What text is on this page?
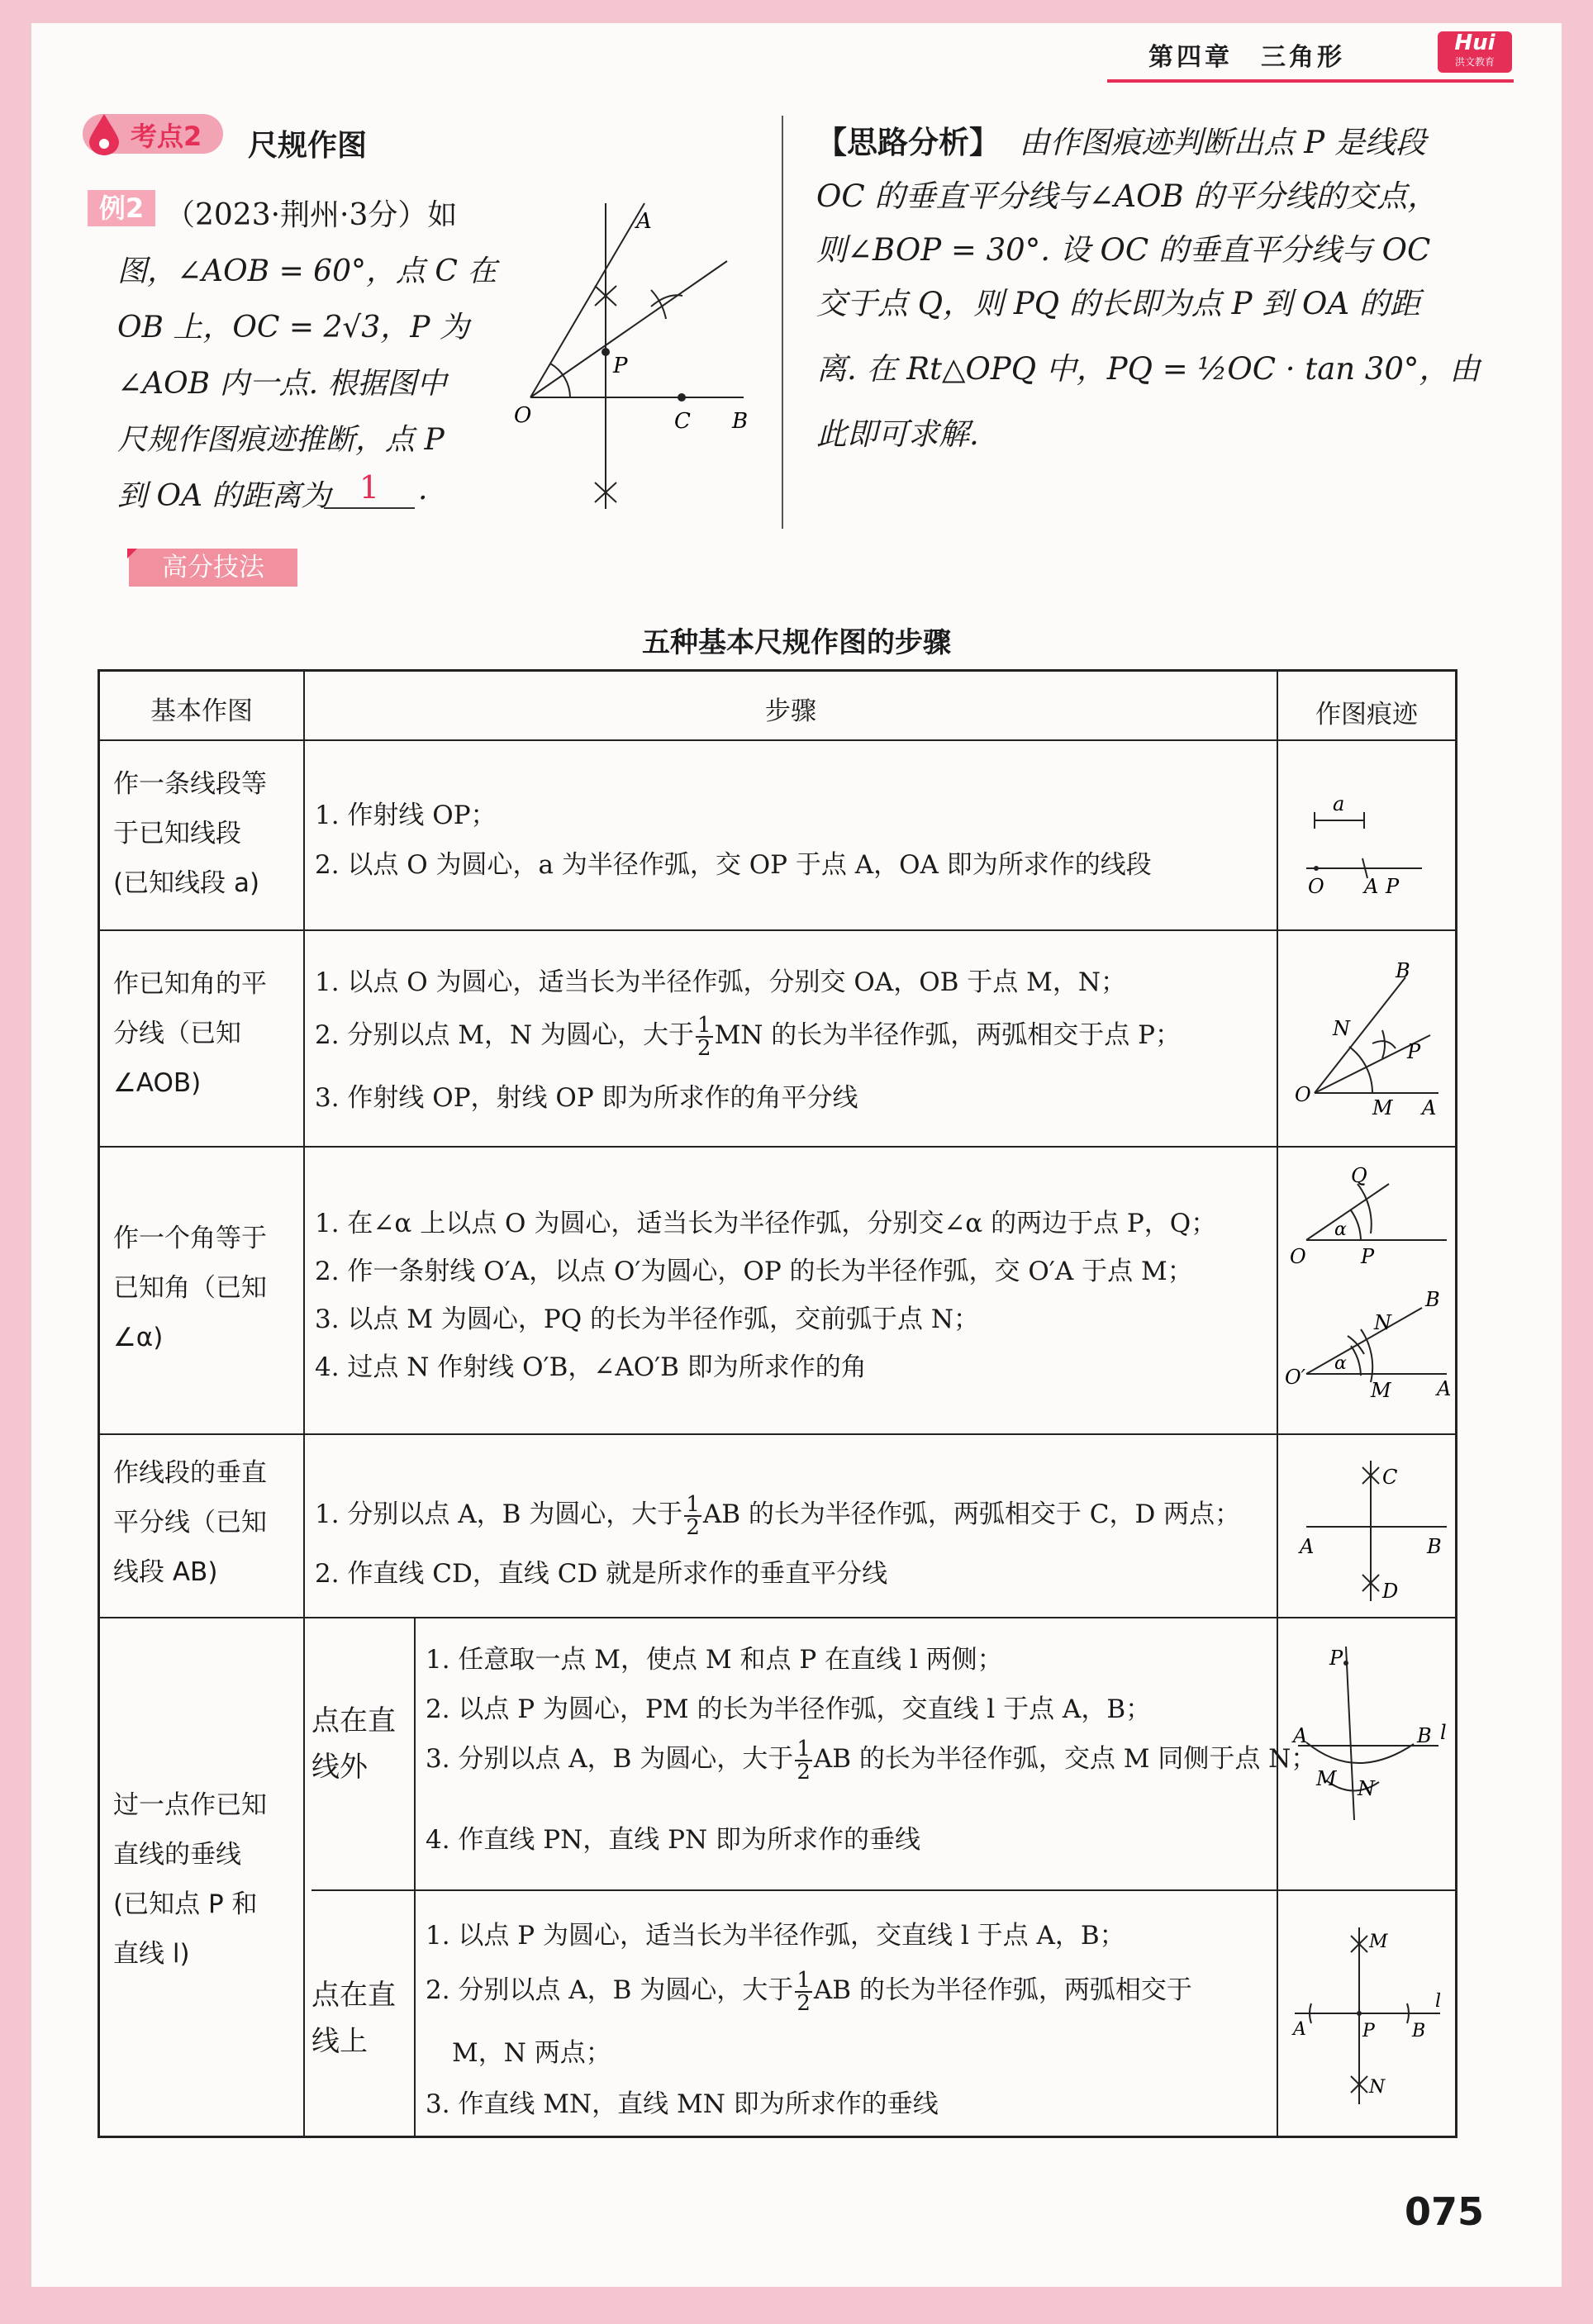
第四章　三角形	Hui
洪文教育
考点2 尺规作图
例2 （2023·荆州·3分）如
图，∠AOB = 60°，点 C 在
OB 上，OC = 2√3，P 为
∠AOB 内一点. 根据图中
尺规作图痕迹推断，点 P
到 OA 的距离为 1	.
A
P
O	C B
【思路分析】 由作图痕迹判断出点 P 是线段
OC 的垂直平分线与∠AOB 的平分线的交点，
则∠BOP = 30°. 设 OC 的垂直平分线与 OC
交于点 Q，则 PQ 的长即为点 P 到 OA 的距
离. 在 Rt△OPQ 中，PQ = ½OC · tan 30°，由
此即可求解.
高分技法
五种基本尺规作图的步骤
基本作图	步骤	作图痕迹
作一条线段等
于已知线段
(已知线段 a)
1. 作射线 OP；
2. 以点 O 为圆心，a 为半径作弧，交 OP 于点 A，OA 即为所求作的线段
a
O A P
作已知角的平
分线（已知
∠AOB)
1. 以点 O 为圆心，适当长为半径作弧，分别交 OA，OB 于点 M，N；
2. 分别以点 M，N 为圆心，大于 $\frac{1}{2}$ MN 的长为半径作弧，两弧相交于点 P；
3. 作射线 OP，射线 OP 即为所求作的角平分线
B
N
P
O
M A
作一个角等于
已知角（已知
∠α)
1. 在∠α 上以点 O 为圆心，适当长为半径作弧，分别交∠α 的两边于点 P，Q；
2. 作一条射线 O′A，以点 O′为圆心，OP 的长为半径作弧，交 O′A 于点 M；
3. 以点 M 为圆心，PQ 的长为半径作弧，交前弧于点 N；
4. 过点 N 作射线 O′B，∠AO′B 即为所求作的角
Q
α
O	P
B
N
α
O′
M A
作线段的垂直
平分线（已知
线段 AB)
1. 分别以点 A，B 为圆心，大于 $\frac{1}{2}$ AB 的长为半径作弧，两弧相交于 C，D 两点；
2. 作直线 CD，直线 CD 就是所求作的垂直平分线
C
A	B
D
过一点作已知
直线的垂线
(已知点 P 和
直线 l)
点在直
线外
1. 任意取一点 M，使点 M 和点 P 在直线 l 两侧；
2. 以点 P 为圆心，PM 的长为半径作弧，交直线 l 于点 A，B；
3. 分别以点 A，B 为圆心，大于 $\frac{1}{2}$ AB 的长为半径作弧，交点 M 同侧于点 N；
4. 作直线 PN，直线 PN 即为所求作的垂线
P
A	B l
M N
点在直
线上
1. 以点 P 为圆心，适当长为半径作弧，交直线 l 于点 A，B；
2. 分别以点 A，B 为圆心，大于 $\frac{1}{2}$ AB 的长为半径作弧，两弧相交于
M，N 两点；
3. 作直线 MN，直线 MN 即为所求作的垂线
M
A	P B
l
N
075
